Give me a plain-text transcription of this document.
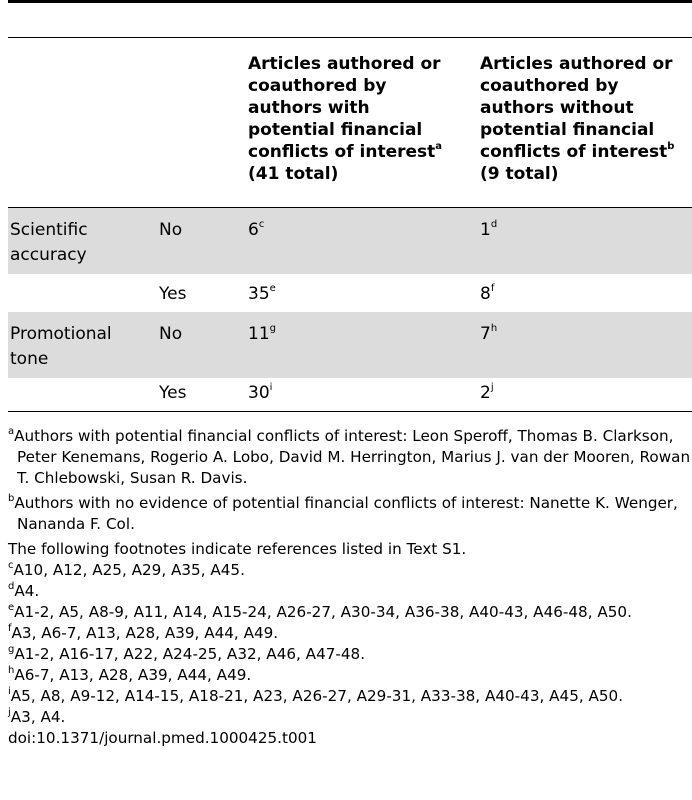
Articles authored or coauthored by authors with potential financial conflicts of interest$^a$
(41 total)
Articles authored or coauthored by authors without potential financial conflicts of interest$^b$
(9 total)
Scientific accuracy
No	6$^c$	1$^d$
Yes	35e	8$^f$
Promotional tone
No	11$^g$	7$^h$
Yes	30$^i$	2$^j$

$^a$Authors with potential financial conflicts of interest: Leon Speroff, Thomas B. Clarkson, Peter Kenemans, Rogerio A. Lobo, David M. Herrington, Marius J. van der Mooren, Rowan T. Chlebowski, Susan R. Davis.

$^b$Authors with no evidence of potential financial conflicts of interest: Nanette K. Wenger, Nananda F. Col.

The following footnotes indicate references listed in Text S1.

$^c$A10, A12, A25, A29, A35, A45.

$^d$A4.

$^e$A1-2, A5, A8-9, A11, A14, A15-24, A26-27, A30-34, A36-38, A40-43, A46-48, A50.

$^f$A3, A6-7, A13, A28, A39, A44, A49.

$^g$A1-2, A16-17, A22, A24-25, A32, A46, A47-48.

$^h$A6-7, A13, A28, A39, A44, A49.

$^i$A5, A8, A9-12, A14-15, A18-21, A23, A26-27, A29-31, A33-38, A40-43, A45, A50.

$^j$A3, A4.

doi:10.1371/journal.pmed.1000425.t001
